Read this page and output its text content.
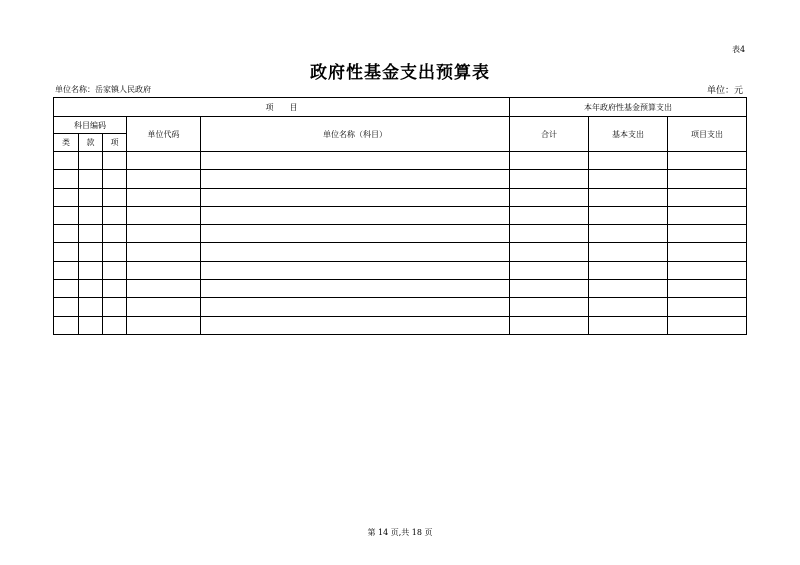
表4
政府性基金支出预算表
单位名称：岳家镇人民政府	单位：元
项　　目					本年政府性基金预算支出		
科目编码			单位代码	单位名称（科目）	合计	基本支出	项目支出
类	款	项					

第 14 页,共 18 页
